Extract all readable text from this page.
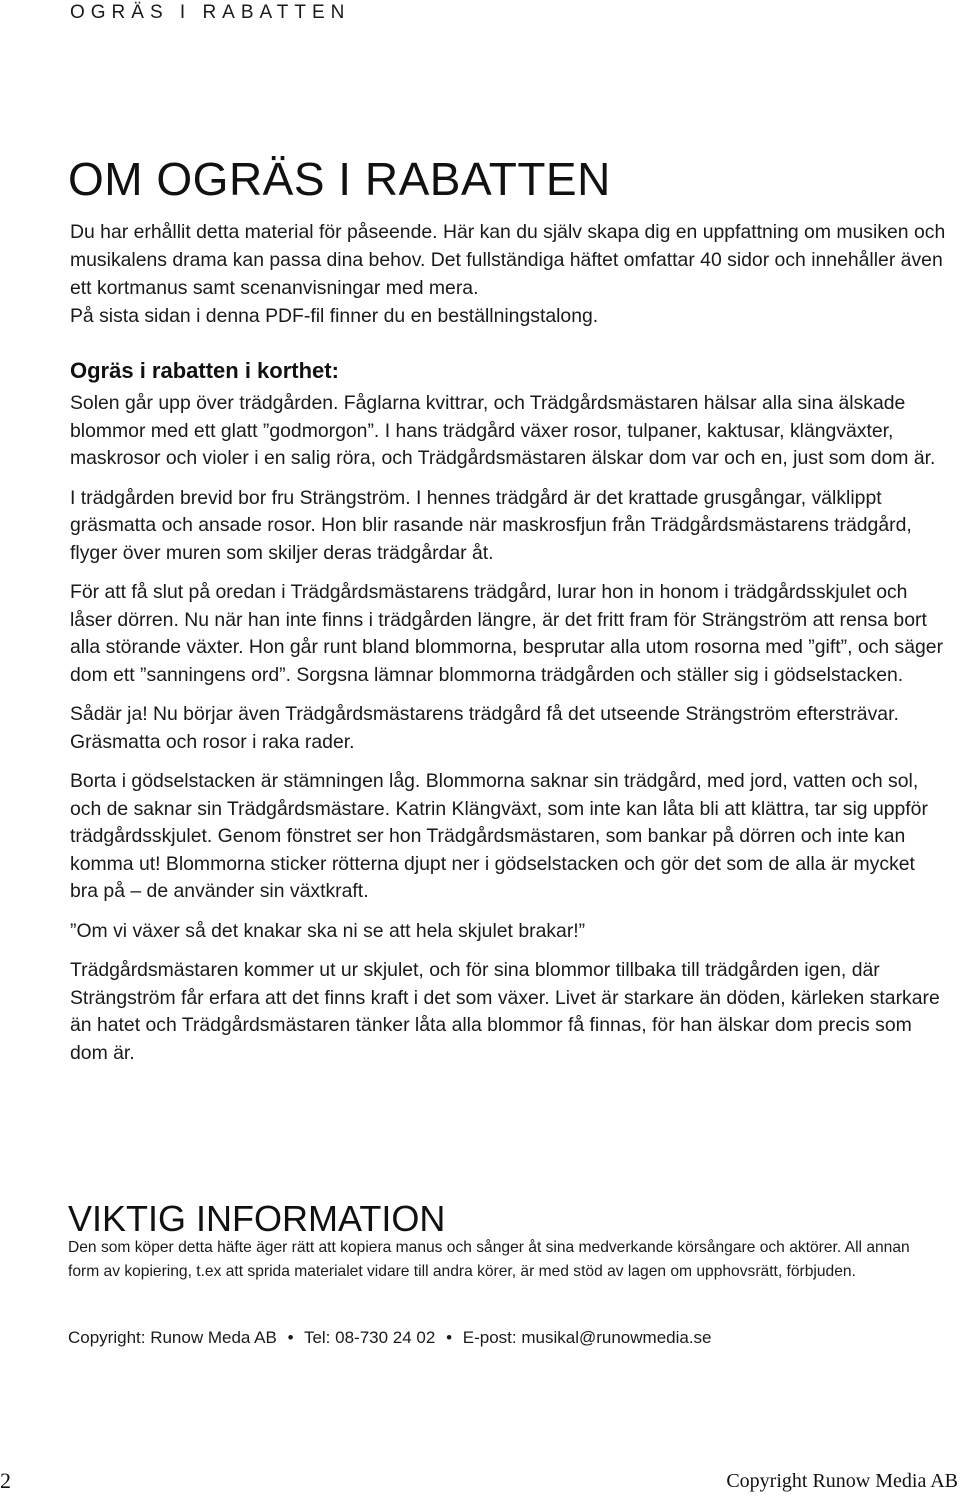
OGRÄS I RABATTEN
OM OGRÄS I RABATTEN

Du har erhållit detta material för påseende. Här kan du själv skapa dig en uppfattning om musiken och musikalens drama kan passa dina behov. Det fullständiga häftet omfattar 40 sidor och innehåller även ett kortmanus samt scenanvisningar med mera.

På sista sidan i denna PDF-fil finner du en beställningstalong.

Ogräs i rabatten i korthet:

Solen går upp över trädgården. Fåglarna kvittrar, och Trädgårdsmästaren hälsar alla sina älskade blommor med ett glatt ”godmorgon”. I hans trädgård växer rosor, tulpaner, kaktusar, klängväxter, maskrosor och violer i en salig röra, och Trädgårdsmästaren älskar dom var och en, just som dom är.

I trädgården brevid bor fru Strängström. I hennes trädgård är det krattade grusgångar, välklippt gräsmatta och ansade rosor. Hon blir rasande när maskrosfjun från Trädgårdsmästarens trädgård, flyger över muren som skiljer deras trädgårdar åt.

För att få slut på oredan i Trädgårdsmästarens trädgård, lurar hon in honom i trädgårdsskjulet och låser dörren. Nu när han inte finns i trädgården längre, är det fritt fram för Strängström att rensa bort alla störande växter. Hon går runt bland blommorna, besprutar alla utom rosorna med ”gift”, och säger dom ett ”sanningens ord”. Sorgsna lämnar blommorna trädgården och ställer sig i gödselstacken.

Sådär ja! Nu börjar även Trädgårdsmästarens trädgård få det utseende Strängström eftersträvar. Gräsmatta och rosor i raka rader.

Borta i gödselstacken är stämningen låg. Blommorna saknar sin trädgård, med jord, vatten och sol, och de saknar sin Trädgårdsmästare. Katrin Klängväxt, som inte kan låta bli att klättra, tar sig uppför trädgårdsskjulet. Genom fönstret ser hon Trädgårdsmästaren, som bankar på dörren och inte kan komma ut! Blommorna sticker rötterna djupt ner i gödselstacken och gör det som de alla är mycket bra på – de använder sin växtkraft.

”Om vi växer så det knakar ska ni se att hela skjulet brakar!”

Trädgårdsmästaren kommer ut ur skjulet, och för sina blommor tillbaka till trädgården igen, där Strängström får erfara att det finns kraft i det som växer. Livet är starkare än döden, kärleken starkare än hatet och Trädgårdsmästaren tänker låta alla blommor få finnas, för han älskar dom precis som dom är.

VIKTIG INFORMATION

Den som köper detta häfte äger rätt att kopiera manus och sånger åt sina medverkande körsångare och aktörer. All annan form av kopiering, t.ex att sprida materialet vidare till andra körer, är med stöd av lagen om upphovsrätt, förbjuden.

Copyright: Runow Meda AB • Tel: 08-730 24 02 • E-post: musikal@runowmedia.se
2	Copyright Runow Media AB
